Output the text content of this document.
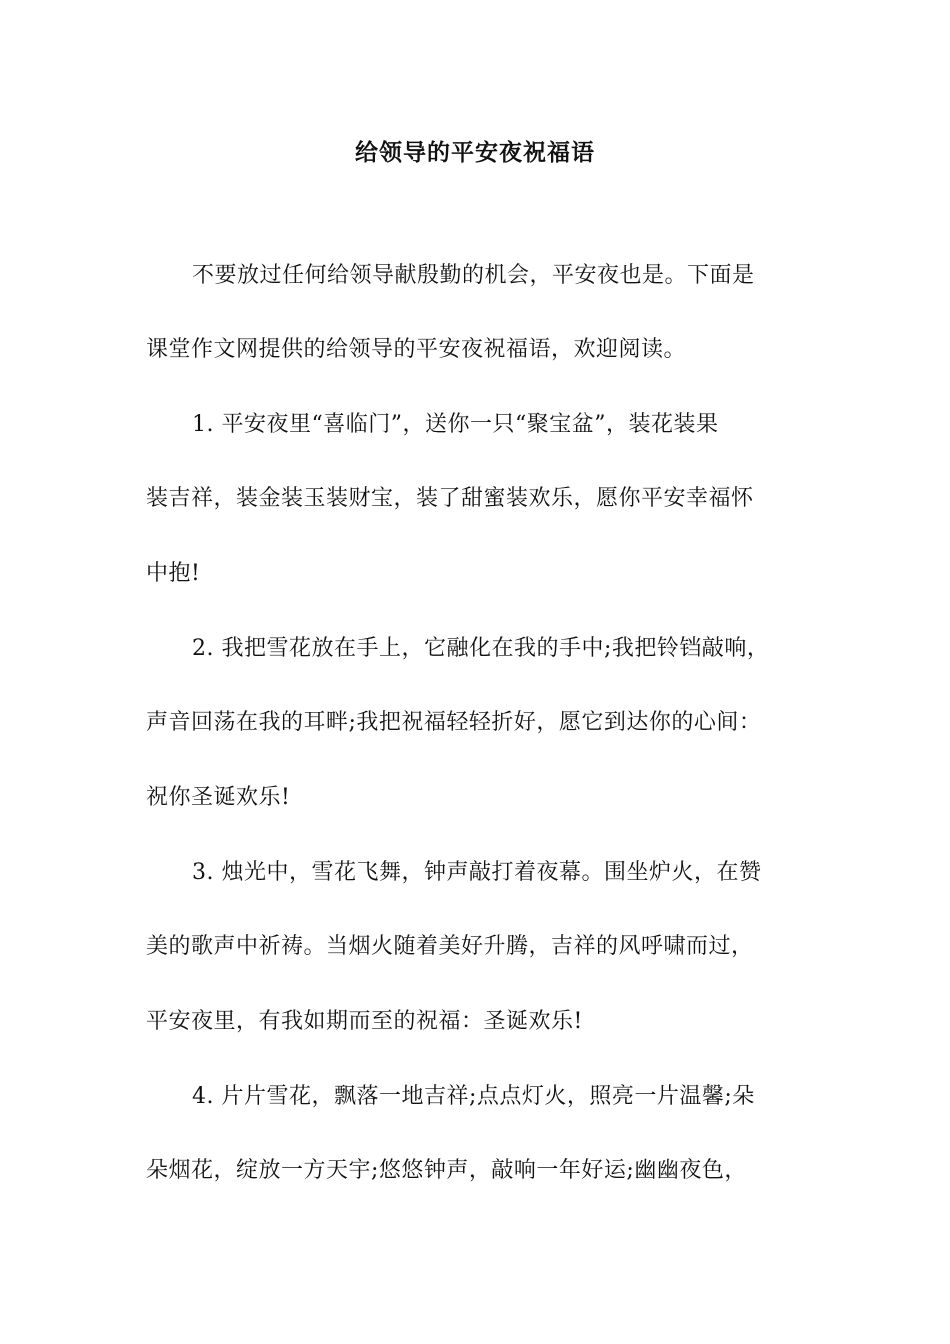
给领导的平安夜祝福语
不要放过任何给领导献殷勤的机会，平安夜也是。下面是
课堂作文网提供的给领导的平安夜祝福语，欢迎阅读。
1. 平安夜里“喜临门”，送你一只“聚宝盆”，装花装果
装吉祥，装金装玉装财宝，装了甜蜜装欢乐，愿你平安幸福怀
中抱!
2. 我把雪花放在手上，它融化在我的手中;我把铃铛敲响，
声音回荡在我的耳畔;我把祝福轻轻折好，愿它到达你的心间：
祝你圣诞欢乐!
3. 烛光中，雪花飞舞，钟声敲打着夜幕。围坐炉火，在赞
美的歌声中祈祷。当烟火随着美好升腾，吉祥的风呼啸而过，
平安夜里，有我如期而至的祝福：圣诞欢乐!
4. 片片雪花，飘落一地吉祥;点点灯火，照亮一片温馨;朵
朵烟花，绽放一方天宇;悠悠钟声，敲响一年好运;幽幽夜色，
